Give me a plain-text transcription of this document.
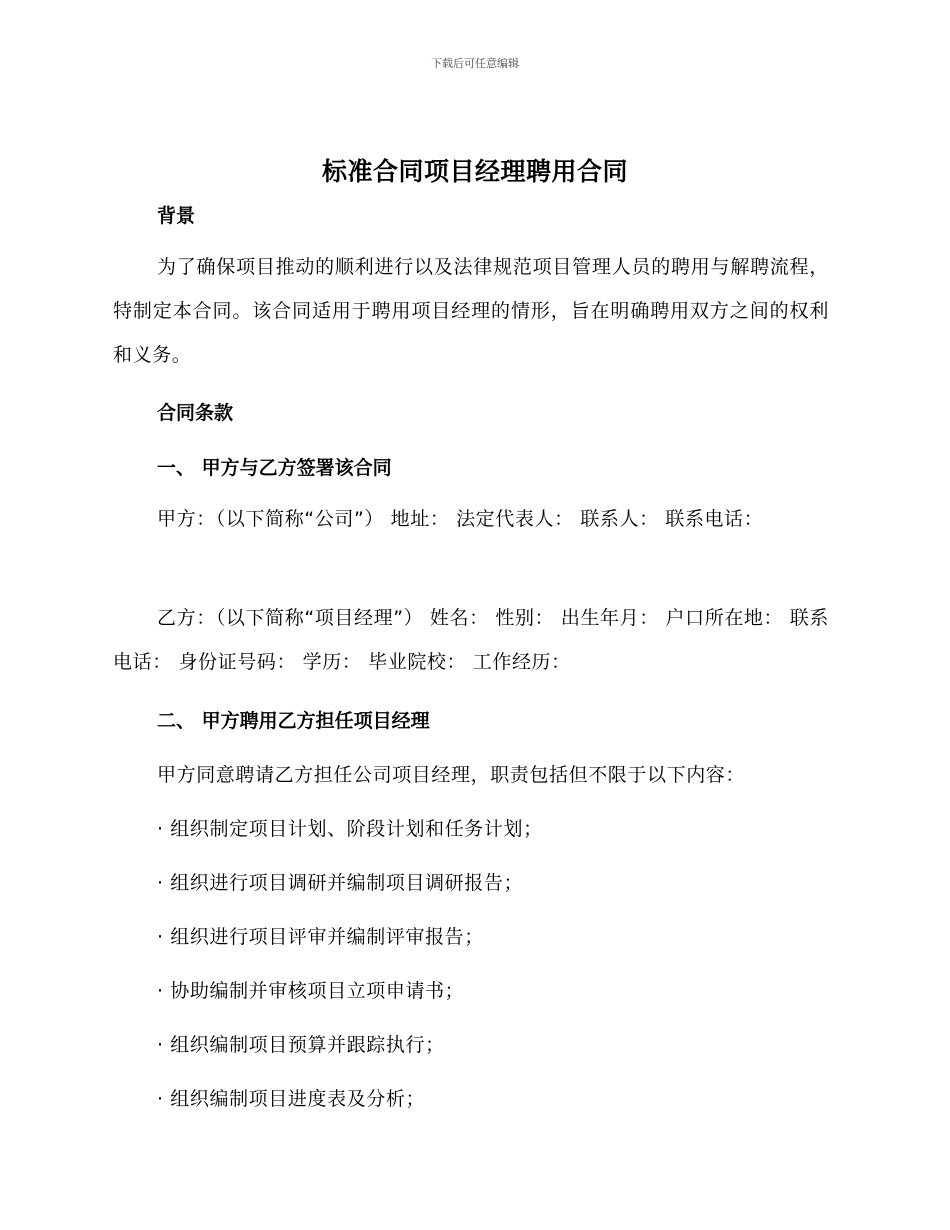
下载后可任意编辑
标准合同项目经理聘用合同
背景
为了确保项目推动的顺利进行以及法律规范项目管理人员的聘用与解聘流程，特制定本合同。该合同适用于聘用项目经理的情形，旨在明确聘用双方之间的权利和义务。
合同条款
一、 甲方与乙方签署该合同
甲方：（以下简称“公司”） 地址： 法定代表人： 联系人： 联系电话：
乙方：（以下简称“项目经理”） 姓名： 性别： 出生年月： 户口所在地： 联系电话： 身份证号码： 学历： 毕业院校： 工作经历：
二、 甲方聘用乙方担任项目经理
甲方同意聘请乙方担任公司项目经理，职责包括但不限于以下内容：
· 组织制定项目计划、阶段计划和任务计划；
· 组织进行项目调研并编制项目调研报告；
· 组织进行项目评审并编制评审报告；
· 协助编制并审核项目立项申请书；
· 组织编制项目预算并跟踪执行；
· 组织编制项目进度表及分析；
